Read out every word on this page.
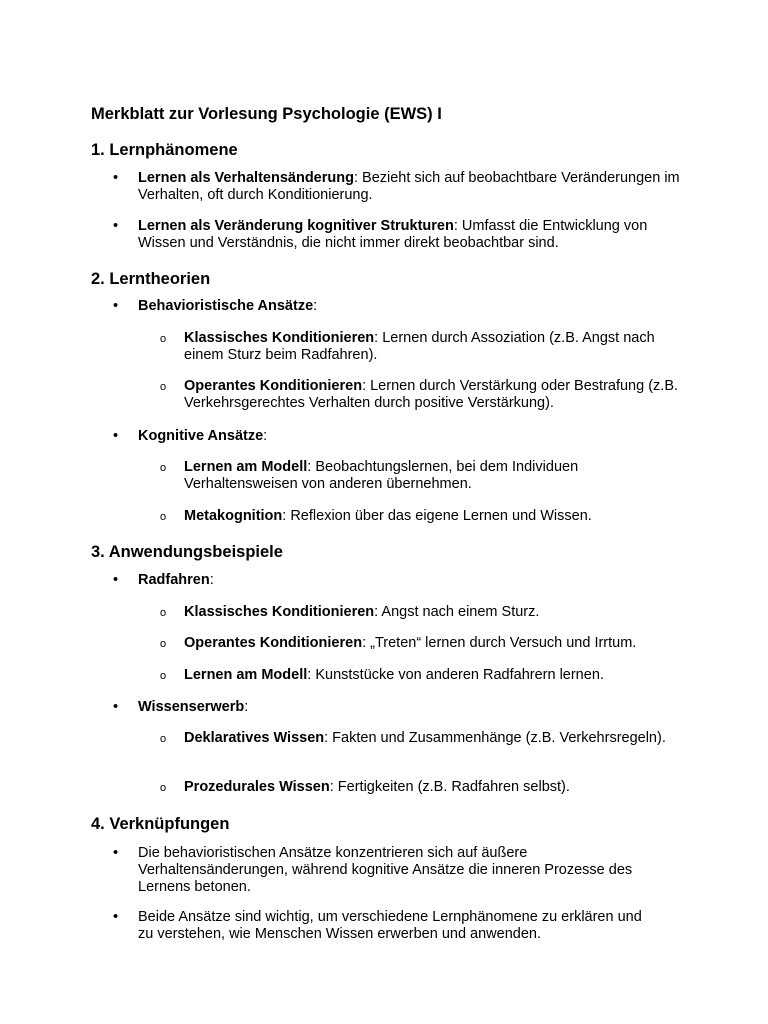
Merkblatt zur Vorlesung Psychologie (EWS) I
1. Lernphänomene
• Lernen als Verhaltensänderung: Bezieht sich auf beobachtbare Veränderungen im Verhalten, oft durch Konditionierung.
• Lernen als Veränderung kognitiver Strukturen: Umfasst die Entwicklung von Wissen und Verständnis, die nicht immer direkt beobachtbar sind.
2. Lerntheorien
• Behavioristische Ansätze:
o Klassisches Konditionieren: Lernen durch Assoziation (z.B. Angst nach einem Sturz beim Radfahren).
o Operantes Konditionieren: Lernen durch Verstärkung oder Bestrafung (z.B. Verkehrsgerechtes Verhalten durch positive Verstärkung).
• Kognitive Ansätze:
o Lernen am Modell: Beobachtungslernen, bei dem Individuen Verhaltensweisen von anderen übernehmen.
o Metakognition: Reflexion über das eigene Lernen und Wissen.
3. Anwendungsbeispiele
• Radfahren:
o Klassisches Konditionieren: Angst nach einem Sturz.
o Operantes Konditionieren: „Treten“ lernen durch Versuch und Irrtum.
o Lernen am Modell: Kunststücke von anderen Radfahrern lernen.
• Wissenserwerb:
o Deklaratives Wissen: Fakten und Zusammenhänge (z.B. Verkehrsregeln).
o Prozedurales Wissen: Fertigkeiten (z.B. Radfahren selbst).
4. Verknüpfungen
• Die behavioristischen Ansätze konzentrieren sich auf äußere Verhaltensänderungen, während kognitive Ansätze die inneren Prozesse des Lernens betonen.
• Beide Ansätze sind wichtig, um verschiedene Lernphänomene zu erklären und zu verstehen, wie Menschen Wissen erwerben und anwenden.
